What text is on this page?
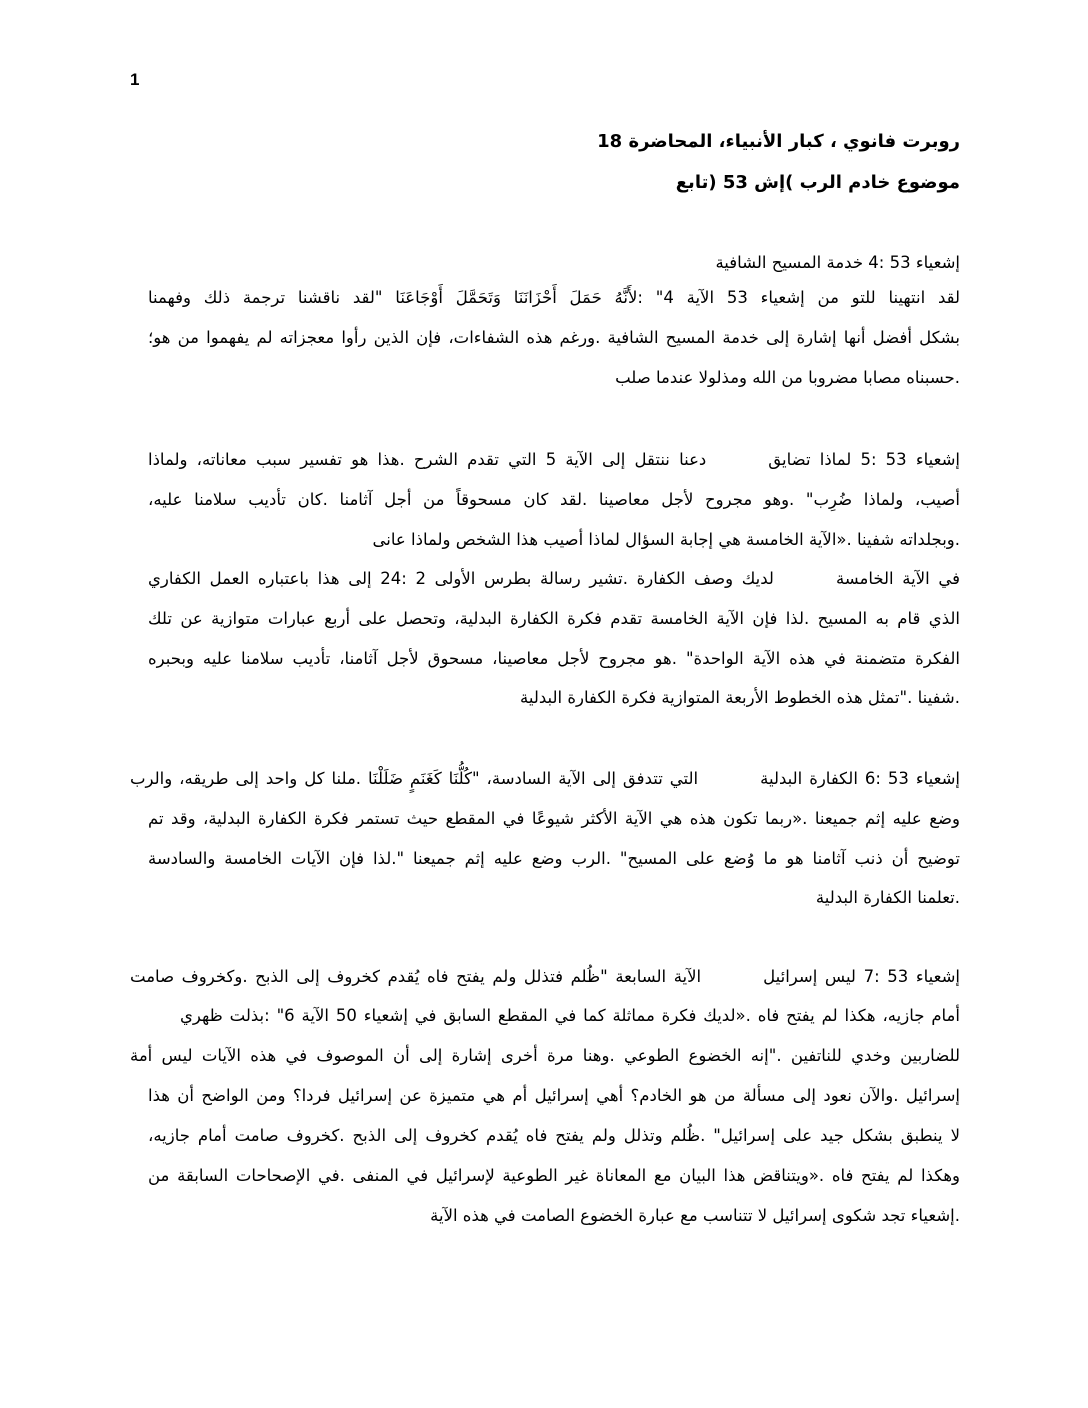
1
روبرت فانوي ، كبار الأنبياء، المحاضرة 18
موضوع خادم الرب )إش 53 (تابع
إشعياء 53 :4 خدمة المسيح الشافية
لقد انتهينا للتو من إشعياء 53 الآية 4" :لأَنَّهُ حَمَلَ أَحْزَانَنَا وَتَحَمَّلَ أَوْجَاعَنَا "لقد ناقشنا ترجمة ذلك وفهمنا
بشكل أفضل أنها إشارة إلى خدمة المسيح الشافية .ورغم هذه الشفاءات، فإن الذين رأوا معجزاته لم يفهموا من هو؛
.حسبناه مصابا مضروبا من الله ومذلولا عندما صلب
إشعياء 53 :5 لماذا تضايقدعنا ننتقل إلى الآية 5 التي تقدم الشرح .هذا هو تفسير سبب معاناته، ولماذا
أصيب، ولماذا ضُرِب" .وهو مجروح لأجل معاصينا .لقد كان مسحوقاً من أجل آثامنا .كان تأديب سلامنا عليه،
.وبجلداته شفينا .«الآية الخامسة هي إجابة السؤال لماذا أصيب هذا الشخص ولماذا عانى
في الآية الخامسةلديك وصف الكفارة .تشير رسالة بطرس الأولى 2 :24 إلى هذا باعتباره العمل الكفاري
الذي قام به المسيح .لذا فإن الآية الخامسة تقدم فكرة الكفارة البدلية، وتحصل على أربع عبارات متوازية عن تلك
الفكرة متضمنة في هذه الآية الواحدة" .هو مجروح لأجل معاصينا، مسحوق لأجل آثامنا، تأديب سلامنا عليه وبحبره
.شفينا ."تمثل هذه الخطوط الأربعة المتوازية فكرة الكفارة البدلية
إشعياء 53 :6 الكفارة البدليةالتي تتدفق إلى الآية السادسة، "كُلُّنَا كَغَنَمٍ ضَلَلْنَا .ملنا كل واحد إلى طريقه، والرب
وضع عليه إثم جميعنا .«ربما تكون هذه هي الآية الأكثر شيوعًا في المقطع حيث تستمر فكرة الكفارة البدلية، وقد تم
توضيح أن ذنب آثامنا هو ما وُضع على المسيح" .الرب وضع عليه إثم جميعنا ".لذا فإن الآيات الخامسة والسادسة
.تعلمنا الكفارة البدلية
إشعياء 53 :7 ليس إسرائيلالآية السابعة "ظُلم فتذلل ولم يفتح فاه يُقدم كخروف إلى الذبح .وكخروف صامت
أمام جازيه، هكذا لم يفتح فاه .«لديك فكرة مماثلة كما في المقطع السابق في إشعياء 50 الآية 6" :بذلت ظهري
للضاربين وخدي للناتفين ."إنه الخضوع الطوعي .وهنا مرة أخرى إشارة إلى أن الموصوف في هذه الآيات ليس أمة
إسرائيل .والآن نعود إلى مسألة من هو الخادم؟ أهي إسرائيل أم هي متميزة عن إسرائيل فردا؟ ومن الواضح أن هذا
لا ينطبق بشكل جيد على إسرائيل" .ظُلم وتذلل ولم يفتح فاه يُقدم كخروف إلى الذبح .كخروف صامت أمام جازيه،
وهكذا لم يفتح فاه .«ويتناقض هذا البيان مع المعاناة غير الطوعية لإسرائيل في المنفى .في الإصحاحات السابقة من
.إشعياء تجد شكوى إسرائيل لا تتناسب مع عبارة الخضوع الصامت في هذه الآية
